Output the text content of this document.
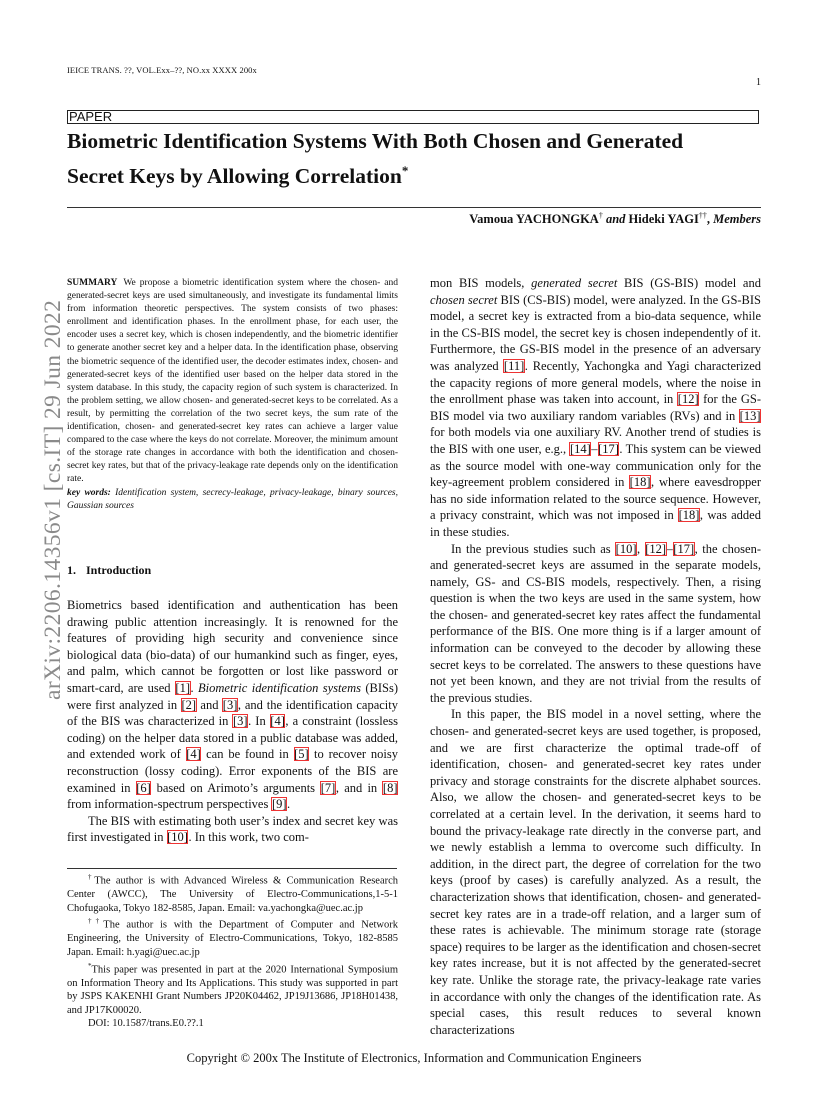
IEICE TRANS. ??, VOL.Exx–??, NO.xx XXXX 200x
1
arXiv:2206.14356v1 [cs.IT] 29 Jun 2022
PAPER
Biometric Identification Systems With Both Chosen and Generated
Secret Keys by Allowing Correlation*
Vamoua YACHONGKA† and Hideki YAGI††, Members
SUMMARY We propose a biometric identification system where the chosen- and generated-secret keys are used simultaneously, and investigate its fundamental limits from information theoretic perspectives. The system consists of two phases: enrollment and identification phases. In the enrollment phase, for each user, the encoder uses a secret key, which is chosen independently, and the biometric identifier to generate another secret key and a helper data. In the identification phase, observing the biometric sequence of the identified user, the decoder estimates index, chosen- and generated-secret keys of the identified user based on the helper data stored in the system database. In this study, the capacity region of such system is characterized. In the problem setting, we allow chosen- and generated-secret keys to be correlated. As a result, by permitting the correlation of the two secret keys, the sum rate of the identification, chosen- and generated-secret key rates can achieve a larger value compared to the case where the keys do not correlate. Moreover, the minimum amount of the storage rate changes in accordance with both the identification and chosen-secret key rates, but that of the privacy-leakage rate depends only on the identification rate.
key words: Identification system, secrecy-leakage, privacy-leakage, binary sources, Gaussian sources
1. Introduction

Biometrics based identification and authentication has been drawing public attention increasingly. It is renowned for the features of providing high security and convenience since biological data (bio-data) of our humankind such as finger, eyes, and palm, which cannot be forgotten or lost like password or smart-card, are used [1]. Biometric identification systems (BISs) were first analyzed in [2] and [3], and the identification capacity of the BIS was characterized in [3]. In [4], a constraint (lossless coding) on the helper data stored in a public database was added, and extended work of [4] can be found in [5] to recover noisy reconstruction (lossy coding). Error exponents of the BIS are examined in [6] based on Arimoto’s arguments [7], and in [8] from information-spectrum perspectives [9].

The BIS with estimating both user’s index and secret key was first investigated in [10]. In this work, two com-

†The author is with Advanced Wireless & Communication Research Center (AWCC), The University of Electro-Communications,1-5-1 Chofugaoka, Tokyo 182-8585, Japan. Email: va.yachongka@uec.ac.jp

††The author is with the Department of Computer and Network Engineering, the University of Electro-Communications, Tokyo, 182-8585 Japan. Email: h.yagi@uec.ac.jp

*This paper was presented in part at the 2020 International Symposium on Information Theory and Its Applications. This study was supported in part by JSPS KAKENHI Grant Numbers JP20K04462, JP19J13686, JP18H01438, and JP17K00020.

DOI: 10.1587/trans.E0.??.1

mon BIS models, generated secret BIS (GS-BIS) model and chosen secret BIS (CS-BIS) model, were analyzed. In the GS-BIS model, a secret key is extracted from a bio-data sequence, while in the CS-BIS model, the secret key is chosen independently of it. Furthermore, the GS-BIS model in the presence of an adversary was analyzed [11]. Recently, Yachongka and Yagi characterized the capacity regions of more general models, where the noise in the enrollment phase was taken into account, in [12] for the GS-BIS model via two auxiliary random variables (RVs) and in [13] for both models via one auxiliary RV. Another trend of studies is the BIS with one user, e.g., [14]–[17]. This system can be viewed as the source model with one-way communication only for the key-agreement problem considered in [18], where eavesdropper has no side information related to the source sequence. However, a privacy constraint, which was not imposed in [18], was added in these studies.

In the previous studies such as [10], [12]–[17], the chosen- and generated-secret keys are assumed in the separate models, namely, GS- and CS-BIS models, respectively. Then, a rising question is when the two keys are used in the same system, how the chosen- and generated-secret key rates affect the fundamental performance of the BIS. One more thing is if a larger amount of information can be conveyed to the decoder by allowing these secret keys to be correlated. The answers to these questions have not yet been known, and they are not trivial from the results of the previous studies.

In this paper, the BIS model in a novel setting, where the chosen- and generated-secret keys are used together, is proposed, and we are first characterize the optimal trade-off of identification, chosen- and generated-secret key rates under privacy and storage constraints for the discrete alphabet sources. Also, we allow the chosen- and generated-secret keys to be correlated at a certain level. In the derivation, it seems hard to bound the privacy-leakage rate directly in the converse part, and we newly establish a lemma to overcome such difficulty. In addition, in the direct part, the degree of correlation for the two keys (proof by cases) is carefully analyzed. As a result, the characterization shows that identification, chosen- and generated-secret key rates are in a trade-off relation, and a larger sum of these rates is achievable. The minimum storage rate (storage space) requires to be larger as the identification and chosen-secret key rates increase, but it is not affected by the generated-secret key rate. Unlike the storage rate, the privacy-leakage rate varies in accordance with only the changes of the identification rate. As special cases, this result reduces to several known characterizations

Copyright © 200x The Institute of Electronics, Information and Communication Engineers
